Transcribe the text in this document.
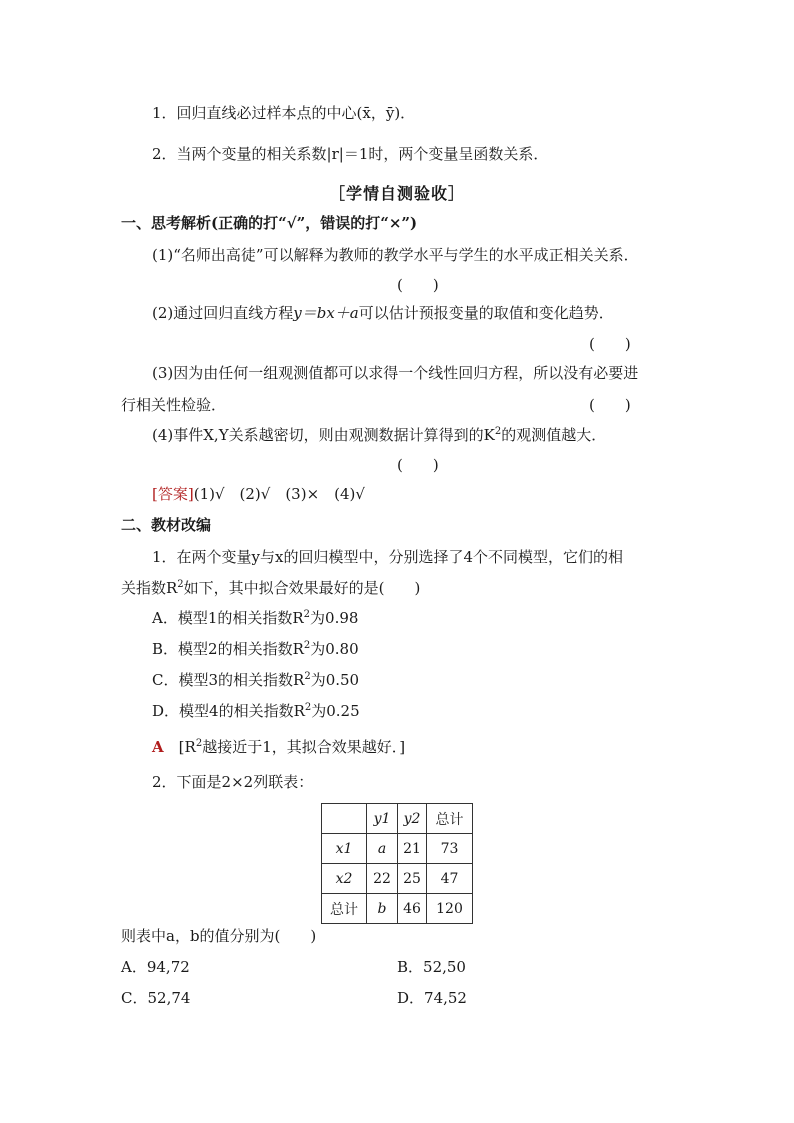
1．回归直线必过样本点的中心(x̄，ȳ)．
2．当两个变量的相关系数|r|＝1时，两个变量呈函数关系．
［学情自测验收］
一、思考解析(正确的打“√”，错误的打“×”)
(1)“名师出高徒”可以解释为教师的教学水平与学生的水平成正相关关系．
(　　)
(2)通过回归直线方程y＝bx＋a可以估计预报变量的取值和变化趋势．
(　　)
(3)因为由任何一组观测值都可以求得一个线性回归方程，所以没有必要进
行相关性检验．	(　　)
(4)事件X,Y关系越密切，则由观测数据计算得到的$K^2$的观测值越大．
(　　)
[答案](1)√　(2)√　(3)×　(4)√
二、教材改编
1．在两个变量y与x的回归模型中，分别选择了4个不同模型，它们的相
关指数$R^2$如下，其中拟合效果最好的是(　　)
A．模型1的相关指数$R^2$为0.98
B．模型2的相关指数$R^2$为0.80
C．模型3的相关指数$R^2$为0.50
D．模型4的相关指数$R^2$为0.25
A　 [$R^2$越接近于1，其拟合效果越好．]
2．下面是2×2列联表：
	y1	y2	总计
x1	a	21	73
x2	22	25	47
总计	b	46	120
则表中a，b的值分别为(　　)
A．94,72	B．52,50
C．52,74	D．74,52
